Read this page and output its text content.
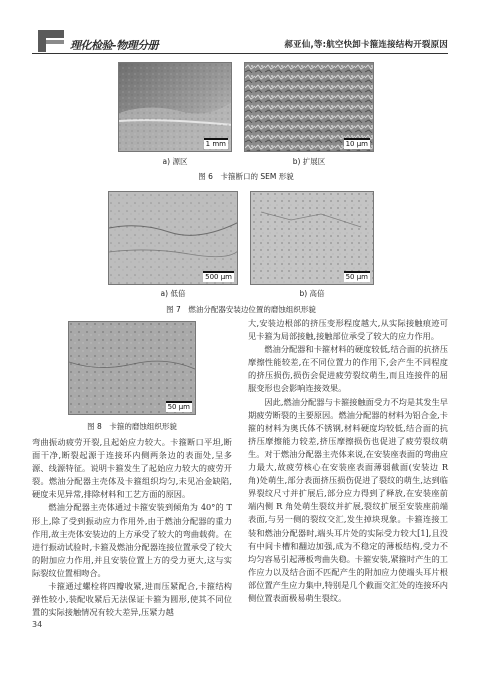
理化检验-物理分册	郝亚仙,等:航空快卸卡箍连接结构开裂原因
1 mm	10 μm
a) 源区	b) 扩展区
图 6　卡箍断口的 SEM 形貌
500 μm	50 μm
a) 低倍	b) 高倍
图 7　燃油分配器安装边位置的磨蚀组织形貌
50 μm
图 8　卡箍的磨蚀组织形貌

弯曲振动疲劳开裂,且起始应力较大。卡箍断口平坦,断面干净,断裂起源于连接环内侧两条边的表面处,呈多源、线源特征。说明卡箍发生了起始应力较大的疲劳开裂。燃油分配器主壳体及卡箍组织均匀,未见冶金缺陷,硬度未见异常,排除材料和工艺方面的原因。

燃油分配器主壳体通过卡箍安装到倾角为 40°的 T 形上,除了受到振动应力作用外,由于燃油分配器的重力作用,故主壳体安装边的上方承受了较大的弯曲载荷。在进行振动试验时,卡箍及燃油分配器连接位置承受了较大的附加应力作用,并且安装位置上方的受力更大,这与实际裂纹位置相吻合。

卡箍通过螺栓将四瓣收紧,进而压紧配合,卡箍结构弹性较小,装配收紧后无法保证卡箍为圆形,使其不同位置的实际接触情况有较大差异,压紧力越

大,安装边根部的挤压变形程度越大,从实际接触痕迹可见卡箍为局部接触,接触部位承受了较大的应力作用。

燃油分配器和卡箍材料的硬度较低,结合面的抗挤压摩擦性能较差,在不同位置力的作用下,会产生不同程度的挤压损伤,损伤会促进疲劳裂纹萌生,而且连接件的屈服变形也会影响连接效果。

因此,燃油分配器与卡箍接触面受力不均是其发生早期疲劳断裂的主要原因。燃油分配器的材料为铝合金,卡箍的材料为奥氏体不锈钢,材料硬度均较低,结合面的抗挤压摩擦能力较差,挤压摩擦损伤也促进了疲劳裂纹萌生。对于燃油分配器主壳体来说,在安装座表面的弯曲应力最大,故疲劳核心在安装座表面薄弱截面(安装边 R 角)处萌生,部分表面挤压损伤促进了裂纹的萌生,达到临界裂纹尺寸并扩展后,部分应力得到了释放,在安装座前端内侧 R 角处萌生裂纹并扩展,裂纹扩展至安装座前端表面,与另一侧的裂纹交汇,发生掉块现象。卡箍连接工装和燃油分配器时,端头耳片处的实际受力较大[1],且没有中间卡槽和翻边加强,成为不稳定的薄板结构,受力不均匀容易引起薄板弯曲失稳。卡箍安装,紧箍时产生的工作应力以及结合面不匹配产生的附加应力使端头耳片根部位置产生应力集中,特别是几个截面交汇处的连接环内侧位置表面极易萌生裂纹。

34
